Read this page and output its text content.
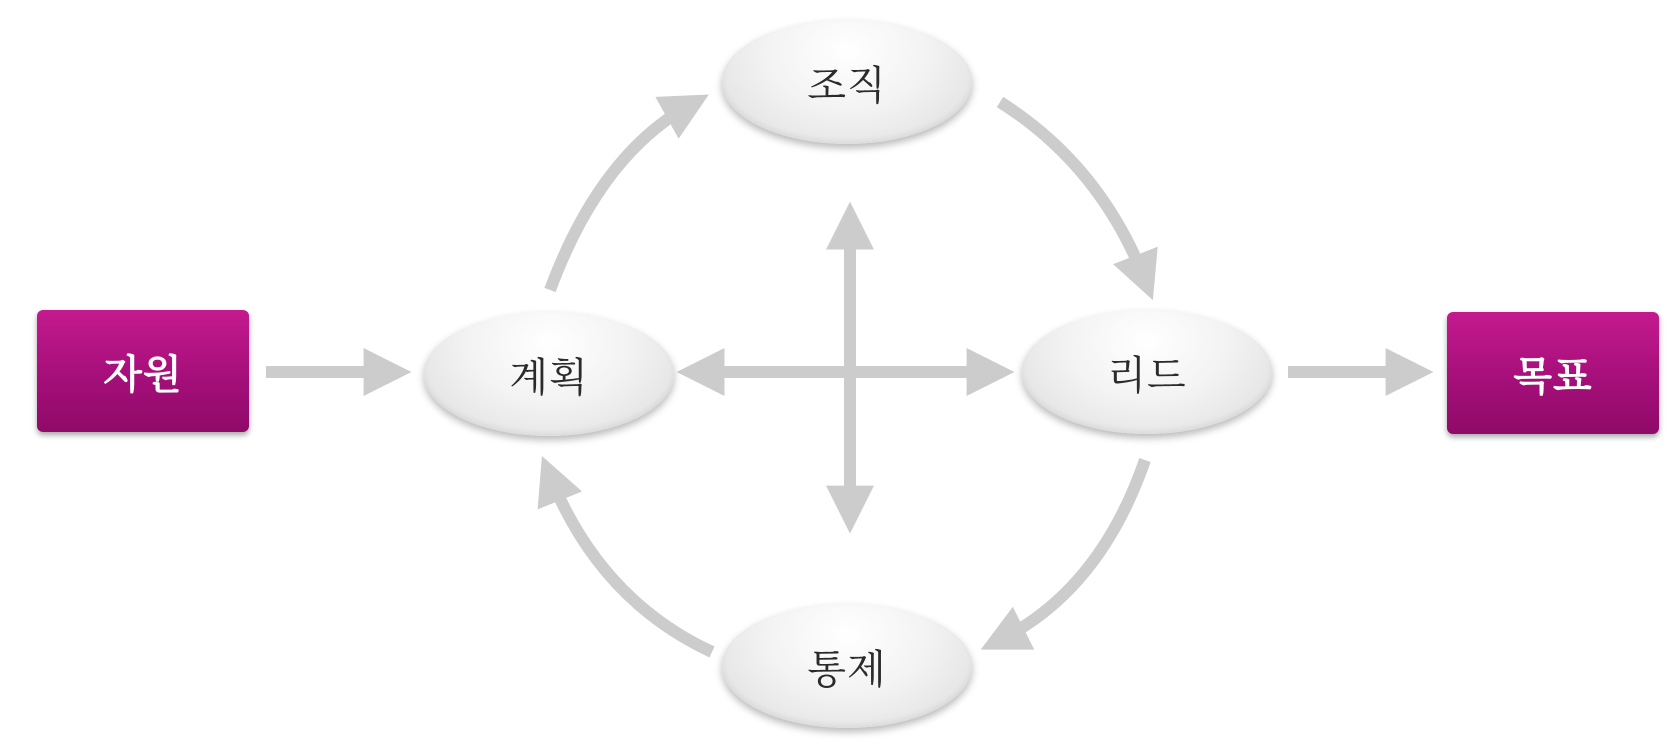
자원	목표
계획
조직
리드
통제
